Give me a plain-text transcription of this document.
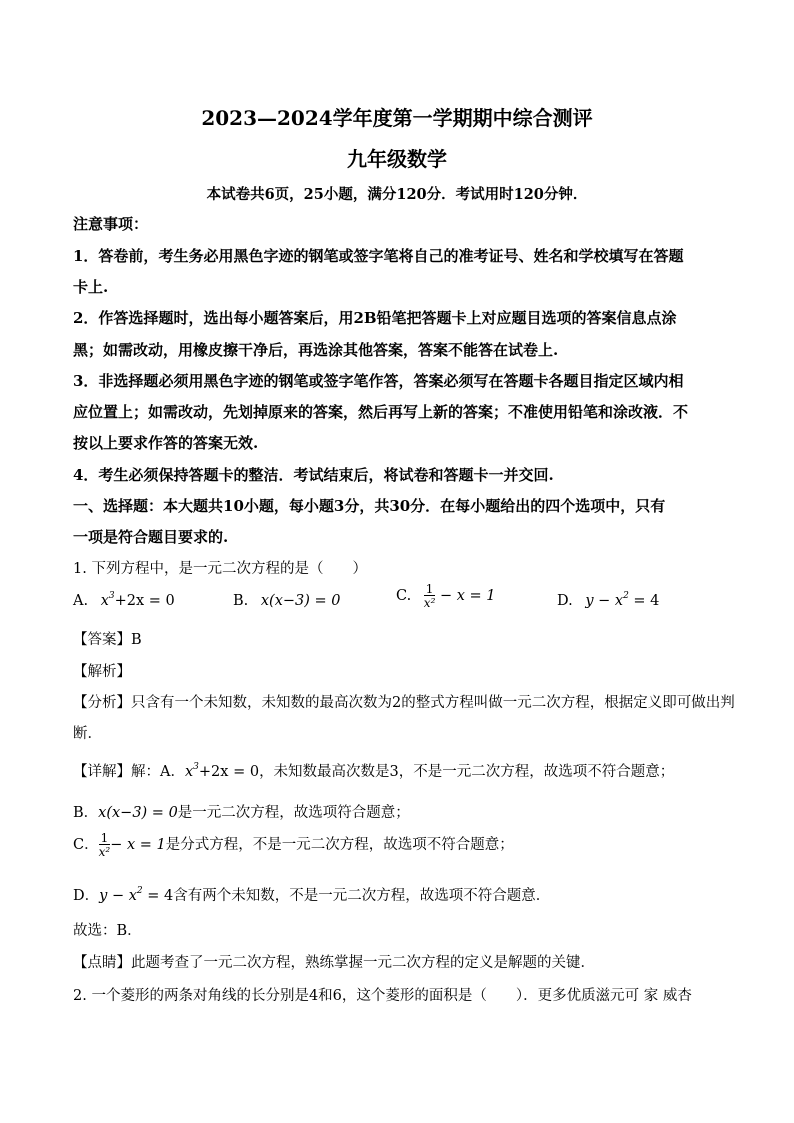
2023—2024学年度第一学期期中综合测评
九年级数学
本试卷共6页，25小题，满分120分．考试用时120分钟．
注意事项：
1．答卷前，考生务必用黑色字迹的钢笔或签字笔将自己的准考证号、姓名和学校填写在答题
卡上.
2．作答选择题时，选出每小题答案后，用2B铅笔把答题卡上对应题目选项的答案信息点涂
黑；如需改动，用橡皮擦干净后，再选涂其他答案，答案不能答在试卷上.
3．非选择题必须用黑色字迹的钢笔或签字笔作答，答案必须写在答题卡各题目指定区域内相
应位置上；如需改动，先划掉原来的答案，然后再写上新的答案；不准使用铅笔和涂改液．不
按以上要求作答的答案无效.
4．考生必须保持答题卡的整洁．考试结束后，将试卷和答题卡一并交回.
一、选择题：本大题共10小题，每小题3分，共30分．在每小题给出的四个选项中，只有
一项是符合题目要求的.
1. 下列方程中，是一元二次方程的是（　　）
A. $x^3+2x = 0$	B. x(x−3) = 0	C. $\frac{1}{\text{x²}} - x = 1$	D. $y - x^2 = 4$
【答案】B
【解析】
【分析】只含有一个未知数，未知数的最高次数为2的整式方程叫做一元二次方程，根据定义即可做出判
断．
【详解】解：A．$x^3+2x = 0$，未知数最高次数是3，不是一元二次方程，故选项不符合题意；
B．x(x−3) = 0是一元二次方程，故选项符合题意；
C． $\frac{1}{\text{x²}} - x = 1$是分式方程，不是一元二次方程，故选项不符合题意；
D．$y - x^2 = 4$含有两个未知数，不是一元二次方程，故选项不符合题意．
故选：B．
【点睛】此题考查了一元二次方程，熟练掌握一元二次方程的定义是解题的关键．
2. 一个菱形的两条对角线的长分别是4和6，这个菱形的面积是（　　）．更多优质滋元可 家 威杏
